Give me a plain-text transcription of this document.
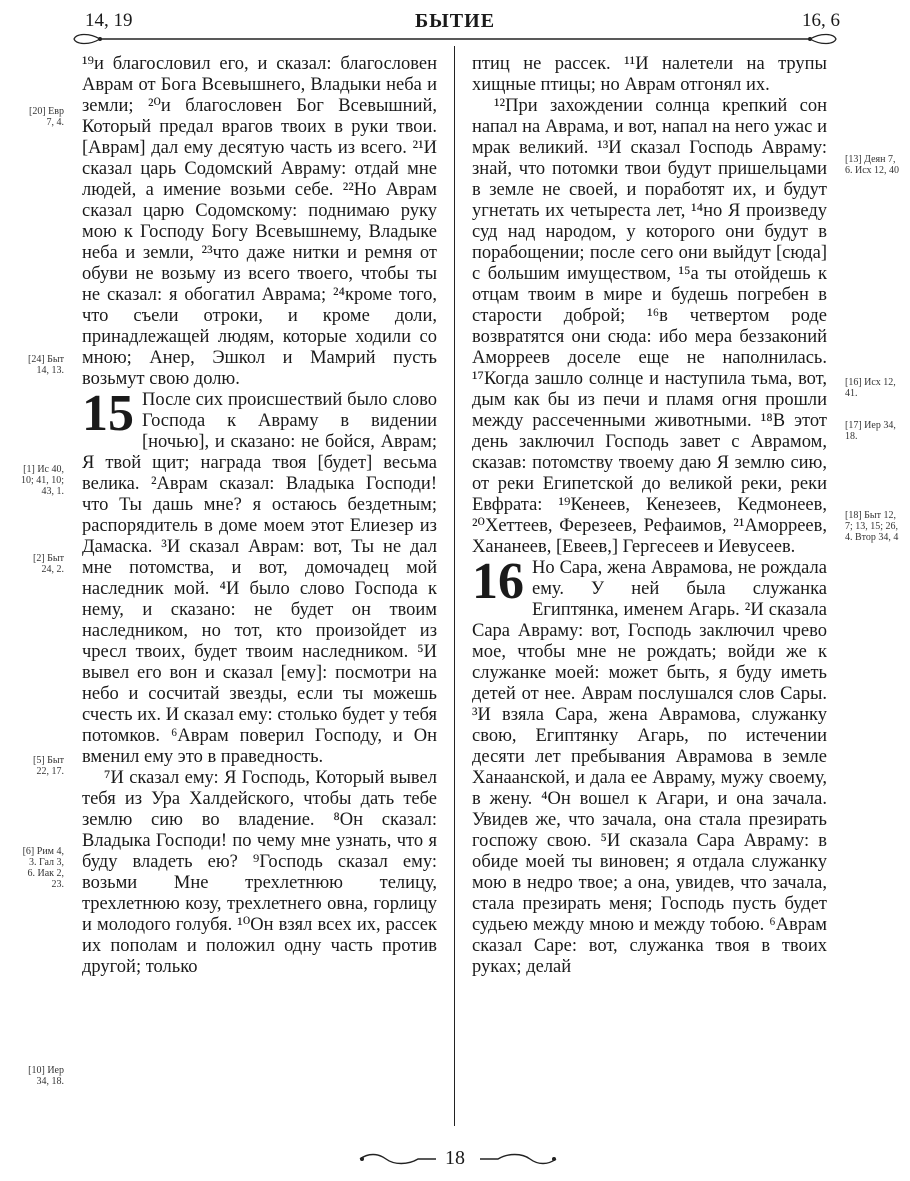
14, 19	БЫТИЕ	16, 6

¹⁹и благословил его, и сказал: благословен Аврам от Бога Всевышнего, Владыки неба и земли; ²⁰и благословен Бог Всевышний, Который предал врагов твоих в руки твои. [Аврам] дал ему десятую часть из всего. ²¹И сказал царь Содомский Авраму: отдай мне людей, а имение возьми себе. ²²Но Аврам сказал царю Содомскому: поднимаю руку мою к Господу Богу Всевышнему, Владыке неба и земли, ²³что даже нитки и ремня от обуви не возьму из всего твоего, чтобы ты не сказал: я обогатил Аврама; ²⁴кроме того, что съели отроки, и кроме доли, принадлежащей людям, которые ходили со мною; Анер, Эшкол и Мамрий пусть возьмут свою долю.

15 После сих происшествий было слово Господа к Авраму в видении [ночью], и сказано: не бойся, Аврам; Я твой щит; награда твоя [будет] весьма велика. ²Аврам сказал: Владыка Господи! что Ты дашь мне? я остаюсь бездетным; распорядитель в доме моем этот Елиезер из Дамаска. ³И сказал Аврам: вот, Ты не дал мне потомства, и вот, домочадец мой наследник мой. ⁴И было слово Господа к нему, и сказано: не будет он твоим наследником, но тот, кто произойдет из чресл твоих, будет твоим наследником. ⁵И вывел его вон и сказал [ему]: посмотри на небо и сосчитай звезды, если ты можешь счесть их. И сказал ему: столько будет у тебя потомков. ⁶Аврам поверил Господу, и Он вменил ему это в праведность.

⁷И сказал ему: Я Господь, Который вывел тебя из Ура Халдейского, чтобы дать тебе землю сию во владение. ⁸Он сказал: Владыка Господи! по чему мне узнать, что я буду владеть ею? ⁹Господь сказал ему: возьми Мне трехлетнюю телицу, трехлетнюю козу, трехлетнего овна, горлицу и молодого голубя. ¹⁰Он взял всех их, рассек их пополам и положил одну часть против другой; только

птиц не рассек. ¹¹И налетели на трупы хищные птицы; но Аврам отгонял их.

¹²При захождении солнца крепкий сон напал на Аврама, и вот, напал на него ужас и мрак великий. ¹³И сказал Господь Авраму: знай, что потомки твои будут пришельцами в земле не своей, и поработят их, и будут угнетать их четыреста лет, ¹⁴но Я произведу суд над народом, у которого они будут в порабощении; после сего они выйдут [сюда] с большим имуществом, ¹⁵а ты отойдешь к отцам твоим в мире и будешь погребен в старости доброй; ¹⁶в четвертом роде возвратятся они сюда: ибо мера беззаконий Аморреев доселе еще не наполнилась. ¹⁷Когда зашло солнце и наступила тьма, вот, дым как бы из печи и пламя огня прошли между рассеченными животными. ¹⁸В этот день заключил Господь завет с Аврамом, сказав: потомству твоему даю Я землю сию, от реки Египетской до великой реки, реки Евфрата: ¹⁹Кенеев, Кенезеев, Кедмонеев, ²⁰Хеттеев, Ферезеев, Рефаимов, ²¹Аморреев, Хананеев, [Евеев,] Гергесеев и Иевусеев.

16 Но Сара, жена Аврамова, не рождала ему. У ней была служанка Египтянка, именем Агарь. ²И сказала Сара Авраму: вот, Господь заключил чрево мое, чтобы мне не рождать; войди же к служанке моей: может быть, я буду иметь детей от нее. Аврам послушался слов Сары. ³И взяла Сара, жена Аврамова, служанку свою, Египтянку Агарь, по истечении десяти лет пребывания Аврамова в земле Ханаанской, и дала ее Авраму, мужу своему, в жену. ⁴Он вошел к Агари, и она зачала. Увидев же, что зачала, она стала презирать госпожу свою. ⁵И сказала Сара Авраму: в обиде моей ты виновен; я отдала служанку мою в недро твое; а она, увидев, что зачала, стала презирать меня; Господь пусть будет судьею между мною и между тобою. ⁶Аврам сказал Саре: вот, служанка твоя в твоих руках; делай

[20] Евр 7, 4.
[24] Быт 14, 13.
[1] Ис 40, 10; 41, 10; 43, 1.
[2] Быт 24, 2.
[5] Быт 22, 17.
[6] Рим 4, 3. Гал 3, 6. Иак 2, 23.
[10] Иер 34, 18.
[13] Деян 7, 6. Исх 12, 40
[16] Исх 12, 41.
[17] Иер 34, 18.
[18] Быт 12, 7; 13, 15; 26, 4. Втор 34, 4
18
